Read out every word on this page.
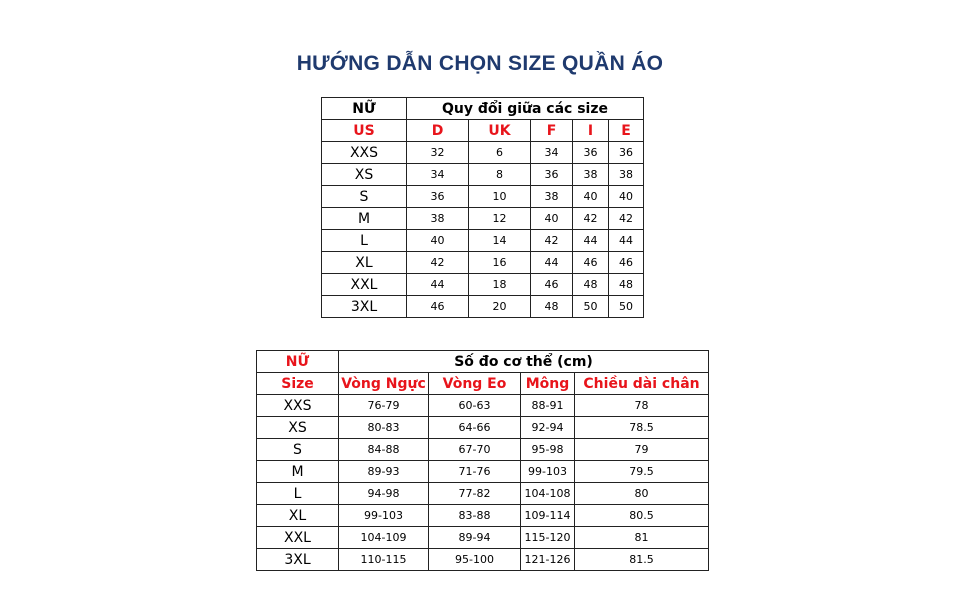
HƯỚNG DẪN CHỌN SIZE QUẦN ÁO
NỮ	Quy đổi giữa các size				
US	D	UK	F	I	E
XXS	32	6	34	36	36
XS	34	8	36	38	38
S	36	10	38	40	40
M	38	12	40	42	42
L	40	14	42	44	44
XL	42	16	44	46	46
XXL	44	18	46	48	48
3XL	46	20	48	50	50
NỮ	Số đo cơ thể (cm)			
Size	Vòng Ngực	Vòng Eo	Mông	Chiều dài chân
XXS	76-79	60-63	88-91	78
XS	80-83	64-66	92-94	78.5
S	84-88	67-70	95-98	79
M	89-93	71-76	99-103	79.5
L	94-98	77-82	104-108	80
XL	99-103	83-88	109-114	80.5
XXL	104-109	89-94	115-120	81
3XL	110-115	95-100	121-126	81.5
